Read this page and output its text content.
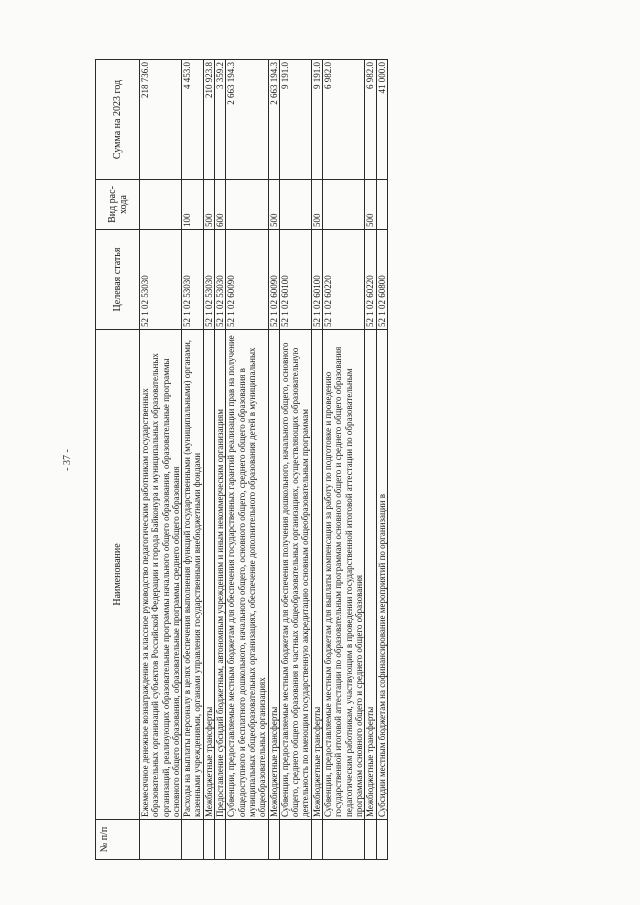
- 37 -
№ п/п	Наименование	Целевая статья	Вид рас-хода	Сумма на 2023 год
	Ежемесячное денежное вознаграждение за классное руководство педагогическим работникам государственных образовательных организаций субъектов Российской Федерации и города Байконура и муниципальных образовательных организаций, реализующих образовательные программы начального общего образования, образовательные программы основного общего образования, образовательные программы среднего общего образования	52 1 02 53030		218 736.0
	Расходы на выплаты персоналу в целях обеспечения выполнения функций государственными (муниципальными) органами, казенными учреждениями, органами управления государственными внебюджетными фондами	52 1 02 53030	100	4 453.0
	Межбюджетные трансферты	52 1 02 53030	500	210 923.8
	Предоставление субсидий бюджетным, автономным учреждениям и иным некоммерческим организациям	52 1 02 53030	600	3 359.2
	Субвенции, предоставляемые местным бюджетам для обеспечения государственных гарантий реализации прав на получение общедоступного и бесплатного дошкольного, начального общего, основного общего, среднего общего образования в муниципальных общеобразовательных организациях, обеспечение дополнительного образования детей в муниципальных общеобразовательных организациях	52 1 02 60090		2 663 194.3
	Межбюджетные трансферты	52 1 02 60090	500	2 663 194.3
	Субвенции, предоставляемые местным бюджетам для обеспечения получения дошкольного, начального общего, основного общего, среднего общего образования в частных общеобразовательных организациях, осуществляющих образовательную деятельность по имеющим государственную аккредитацию основным общеобразовательным программам	52 1 02 60100		9 191.0
	Межбюджетные трансферты	52 1 02 60100	500	9 191.0
	Субвенции, предоставляемые местным бюджетам для выплаты компенсации за работу по подготовке и проведению государственной итоговой аттестации по образовательным программам основного общего и среднего общего образования педагогическим работникам, участвующим в проведении государственной итоговой аттестации по образовательным программам основного общего и среднего общего образования	52 1 02 60220		6 982.0
	Межбюджетные трансферты	52 1 02 60220	500	6 982.0
	Субсидии местным бюджетам на софинансирование мероприятий по организации в	52 1 02 60800		41 000.0
